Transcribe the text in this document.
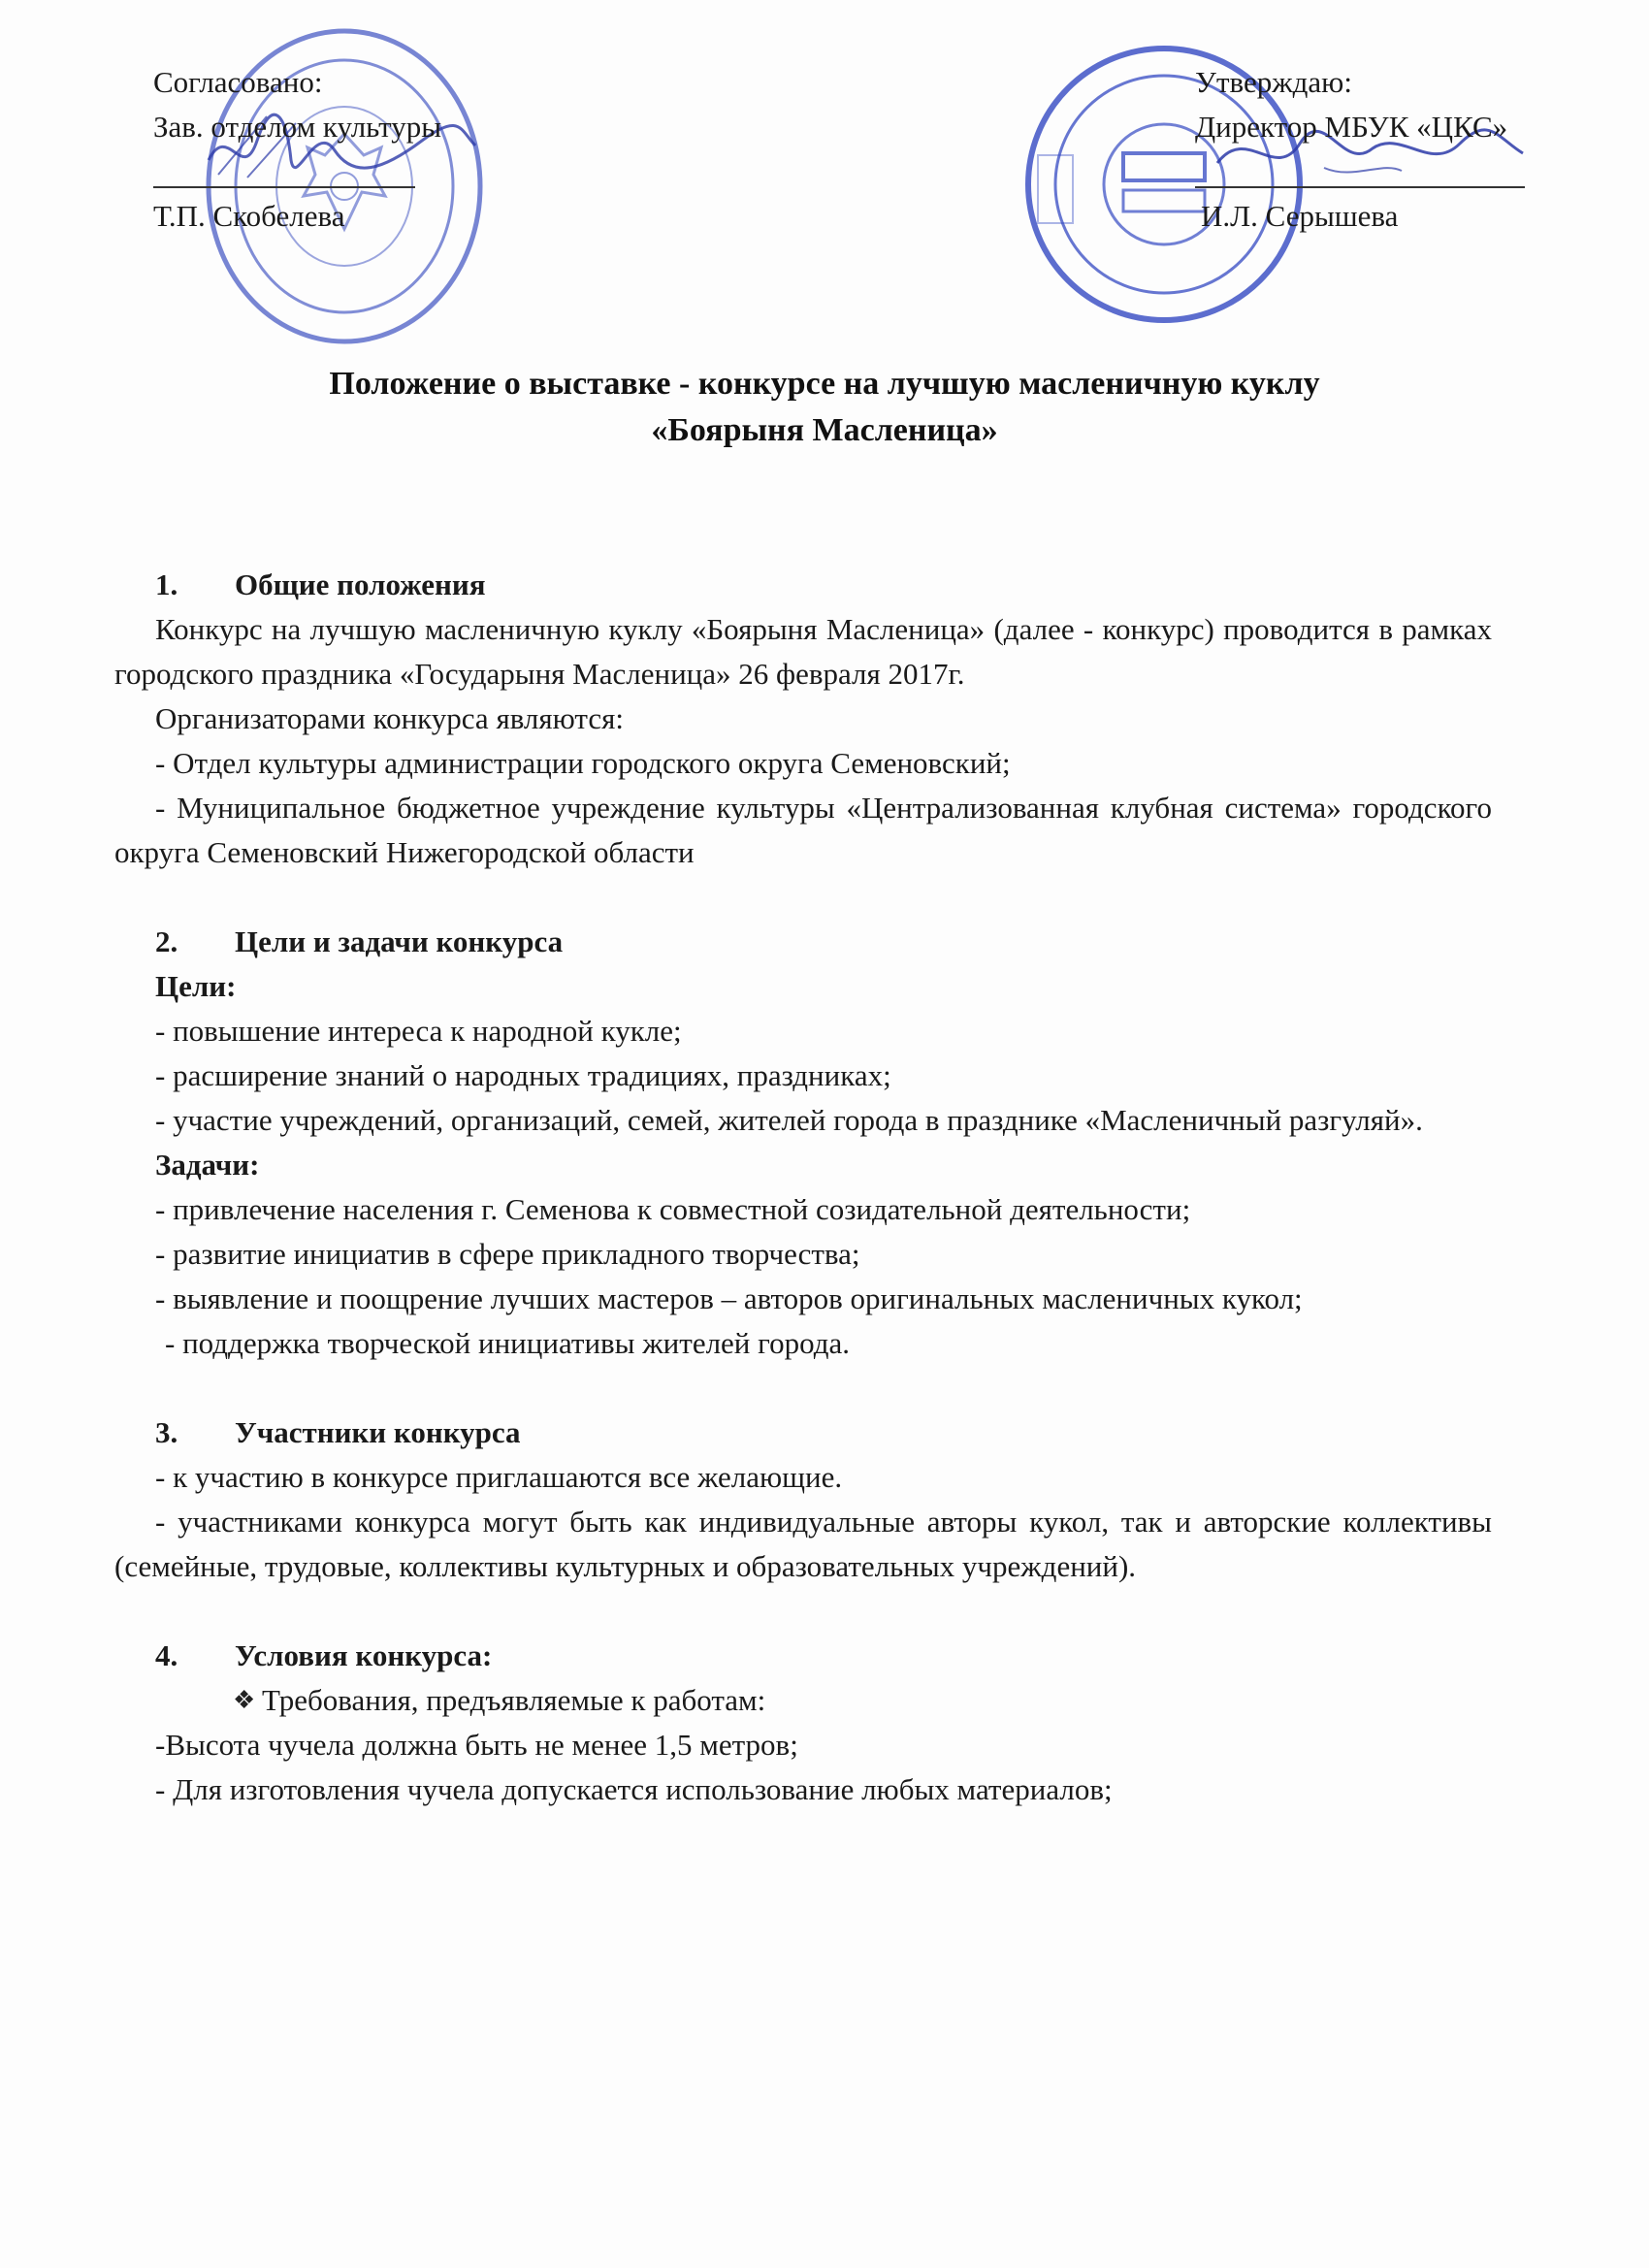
Согласовано:
Зав. отделом культуры
Т.П. Скобелева
Утверждаю:
Директор МБУК «ЦКС»
И.Л. Серышева
Положение о выставке - конкурсе на лучшую масленичную куклу
«Боярыня Масленица»
1.	Общие положения

Конкурс на лучшую масленичную куклу «Боярыня Масленица» (далее - конкурс) проводится в рамках городского праздника «Государыня Масленица» 26 февраля 2017г.

Организаторами конкурса являются:

- Отдел культуры администрации городского округа Семеновский;

- Муниципальное бюджетное учреждение культуры «Централизованная клубная система» городского округа Семеновский Нижегородской области

2.	Цели и задачи конкурса

Цели:

- повышение интереса к народной кукле;

- расширение знаний о народных традициях, праздниках;

- участие учреждений, организаций, семей, жителей города в празднике «Масленичный разгуляй».

Задачи:

- привлечение населения г. Семенова к совместной созидательной деятельности;

- развитие инициатив в сфере прикладного творчества;

- выявление и поощрение лучших мастеров – авторов оригинальных масленичных кукол;

- поддержка творческой инициативы жителей города.

3.	Участники конкурса

- к участию в конкурсе приглашаются все желающие.

- участниками конкурса могут быть как индивидуальные авторы кукол, так и авторские коллективы (семейные, трудовые, коллективы культурных и образовательных учреждений).

4.	Условия конкурса:
❖ Требования, предъявляемые к работам:

-Высота чучела должна быть не менее 1,5 метров;

- Для изготовления чучела допускается использование любых материалов;
